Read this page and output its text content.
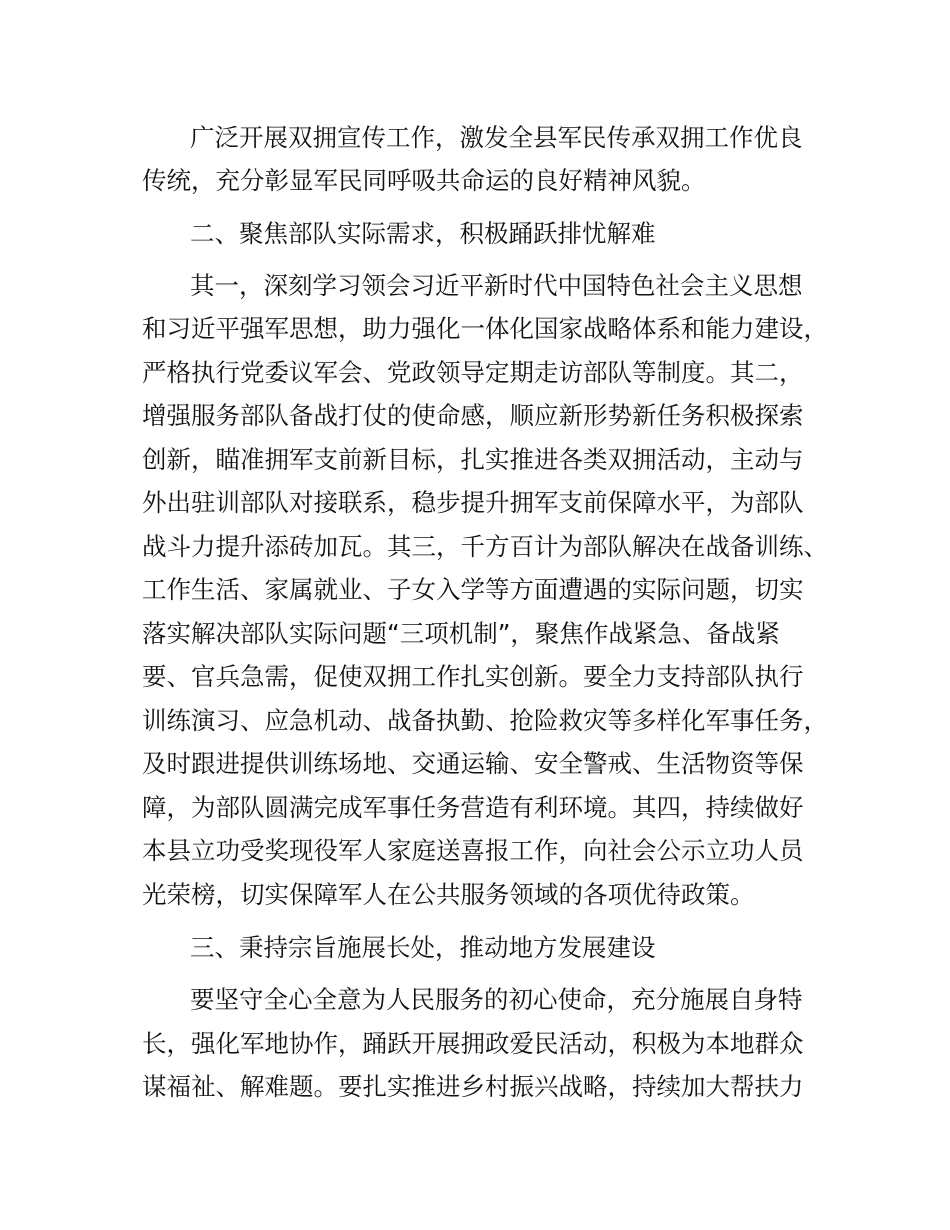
广泛开展双拥宣传工作，激发全县军民传承双拥工作优良
传统，充分彰显军民同呼吸共命运的良好精神风貌。
二、聚焦部队实际需求，积极踊跃排忧解难
其一，深刻学习领会习近平新时代中国特色社会主义思想
和习近平强军思想，助力强化一体化国家战略体系和能力建设，
严格执行党委议军会、党政领导定期走访部队等制度。其二，
增强服务部队备战打仗的使命感，顺应新形势新任务积极探索
创新，瞄准拥军支前新目标，扎实推进各类双拥活动，主动与
外出驻训部队对接联系，稳步提升拥军支前保障水平，为部队
战斗力提升添砖加瓦。其三，千方百计为部队解决在战备训练、
工作生活、家属就业、子女入学等方面遭遇的实际问题，切实
落实解决部队实际问题“三项机制”，聚焦作战紧急、备战紧
要、官兵急需，促使双拥工作扎实创新。要全力支持部队执行
训练演习、应急机动、战备执勤、抢险救灾等多样化军事任务，
及时跟进提供训练场地、交通运输、安全警戒、生活物资等保
障，为部队圆满完成军事任务营造有利环境。其四，持续做好
本县立功受奖现役军人家庭送喜报工作，向社会公示立功人员
光荣榜，切实保障军人在公共服务领域的各项优待政策。
三、秉持宗旨施展长处，推动地方发展建设
要坚守全心全意为人民服务的初心使命，充分施展自身特
长，强化军地协作，踊跃开展拥政爱民活动，积极为本地群众
谋福祉、解难题。要扎实推进乡村振兴战略，持续加大帮扶力
